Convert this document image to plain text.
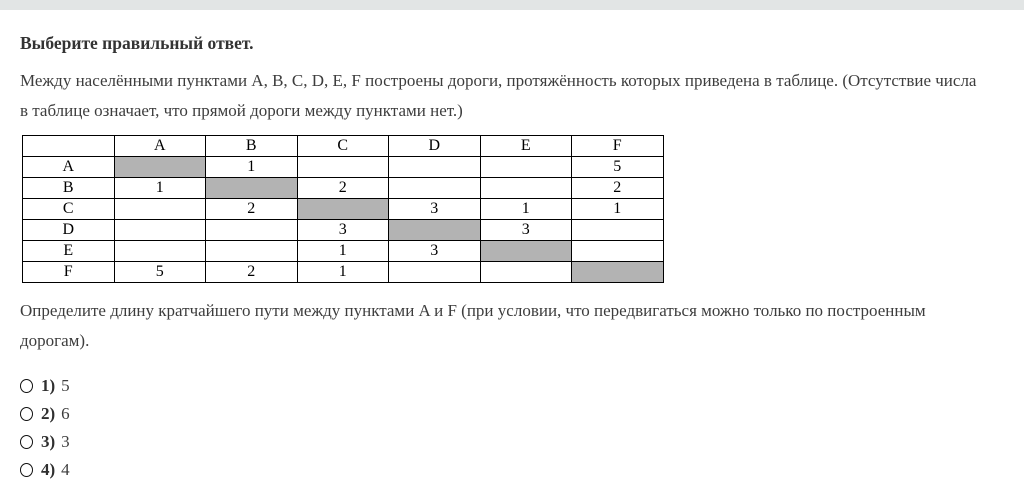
Выберите правильный ответ.
Между населёнными пунктами A, B, C, D, E, F построены дороги, протяжённость которых приведена в таблице. (Отсутствие числа в таблице означает, что прямой дороги между пунктами нет.)
	A	B	C	D	E	F
A		1				5
B	1		2			2
C		2		3	1	1
D			3		3	
E			1	3		
F	5	2	1			
Определите длину кратчайшего пути между пунктами A и F (при условии, что передвигаться можно только по построенным дорогам).
1) 5
2) 6
3) 3
4) 4
